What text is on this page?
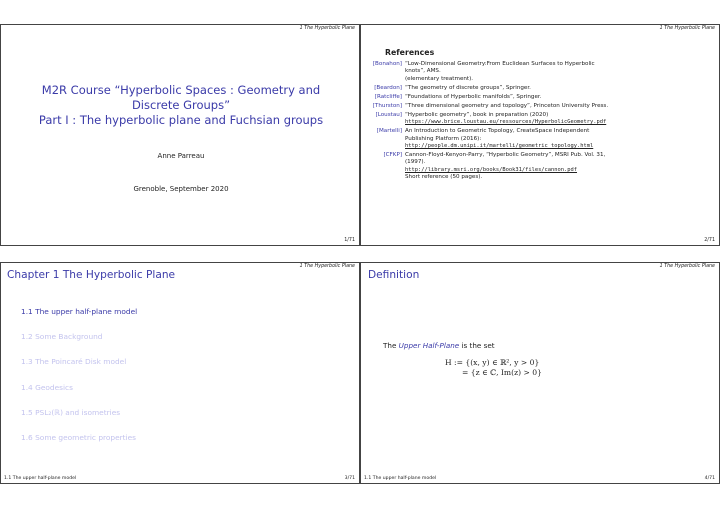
1 The Hyperbolic Plane
M2R Course “Hyperbolic Spaces : Geometry and
Discrete Groups”
Part I : The hyperbolic plane and Fuchsian groups
Anne Parreau
Grenoble, September 2020
1/71
1 The Hyperbolic Plane
References
[Bonahon] “Low-Dimensional Geometry:From Euclidean Surfaces to Hyperbolic
knots”, AMS.
(elementary treatment).
[Beardon] “The geometry of discrete groups”, Springer.
[Ratcliffe] “Foundations of Hyperbolic manifolds”, Springer.
[Thurston] “Three dimensional geometry and topology”, Princeton University Press.
[Loustau] “Hyperbolic geometry”, book in preparation (2020)
https://www.brice.loustau.eu/ressources/HyperbolicGeometry.pdf
[Martelli] An Introduction to Geometric Topology, CreateSpace Independent
Publishing Platform (2016):
http://people.dm.unipi.it/martelli/geometric_topology.html
[CFKP] Cannon-Floyd-Kenyon-Parry, “Hyperbolic Geometry”, MSRI Pub. Vol. 31,
(1997).
http://library.msri.org/books/Book31/files/cannon.pdf
Short reference (50 pages).
2/71
1 The Hyperbolic Plane
Chapter 1 The Hyperbolic Plane
1.1 The upper half-plane model
1.2 Some Background
1.3 The Poincaré Disk model
1.4 Geodesics
1.5 PSL₂(ℝ) and isometries
1.6 Some geometric properties
1.1 The upper half-plane model	3/71
1 The Hyperbolic Plane
Definition
The Upper Half-Plane is the set
H := {(x, y) ∈ ℝ², y > 0}
= {z ∈ ℂ, Im(z) > 0}
1.1 The upper half-plane model	4/71
